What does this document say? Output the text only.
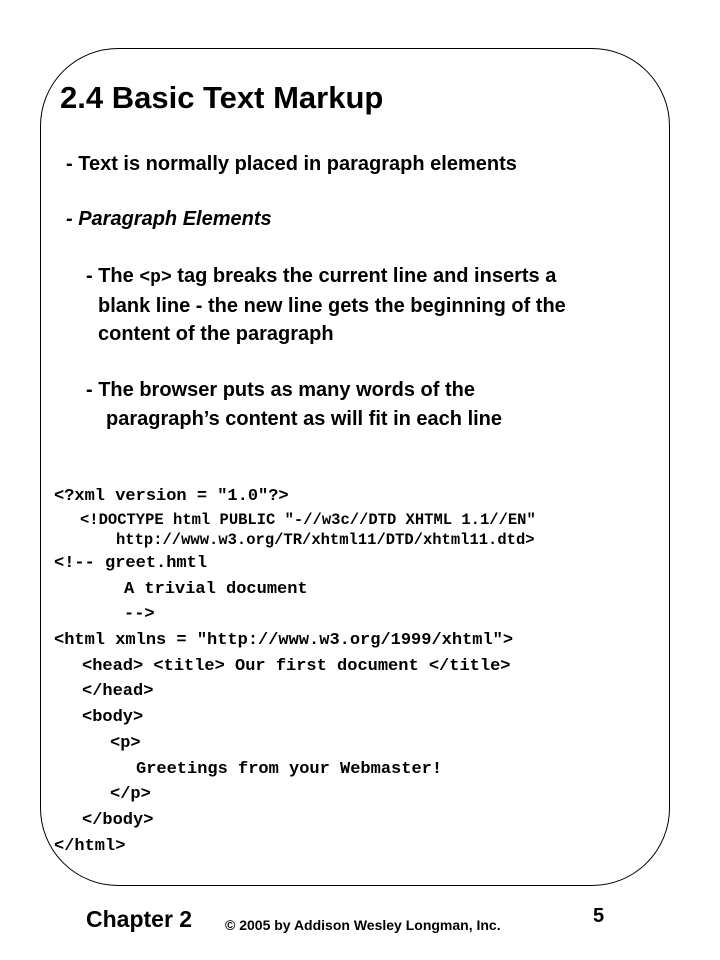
2.4 Basic Text Markup
- Text is normally placed in paragraph elements
- Paragraph Elements
- The <p> tag breaks the current line and inserts a
blank line - the new line gets the beginning of the
content of the paragraph
- The browser puts as many words of the
paragraph’s content as will fit in each line
<?xml version = ″1.0″?>
<!DOCTYPE html PUBLIC ″-//w3c//DTD XHTML 1.1//EN″
http://www.w3.org/TR/xhtml11/DTD/xhtml11.dtd>
<!-- greet.hmtl
A trivial document
-->
<html xmlns = ″http://www.w3.org/1999/xhtml″>
<head> <title> Our first document </title>
</head>
<body>
<p>
Greetings from your Webmaster!
</p>
</body>
</html>
Chapter 2 © 2005 by Addison Wesley Longman, Inc.	5
